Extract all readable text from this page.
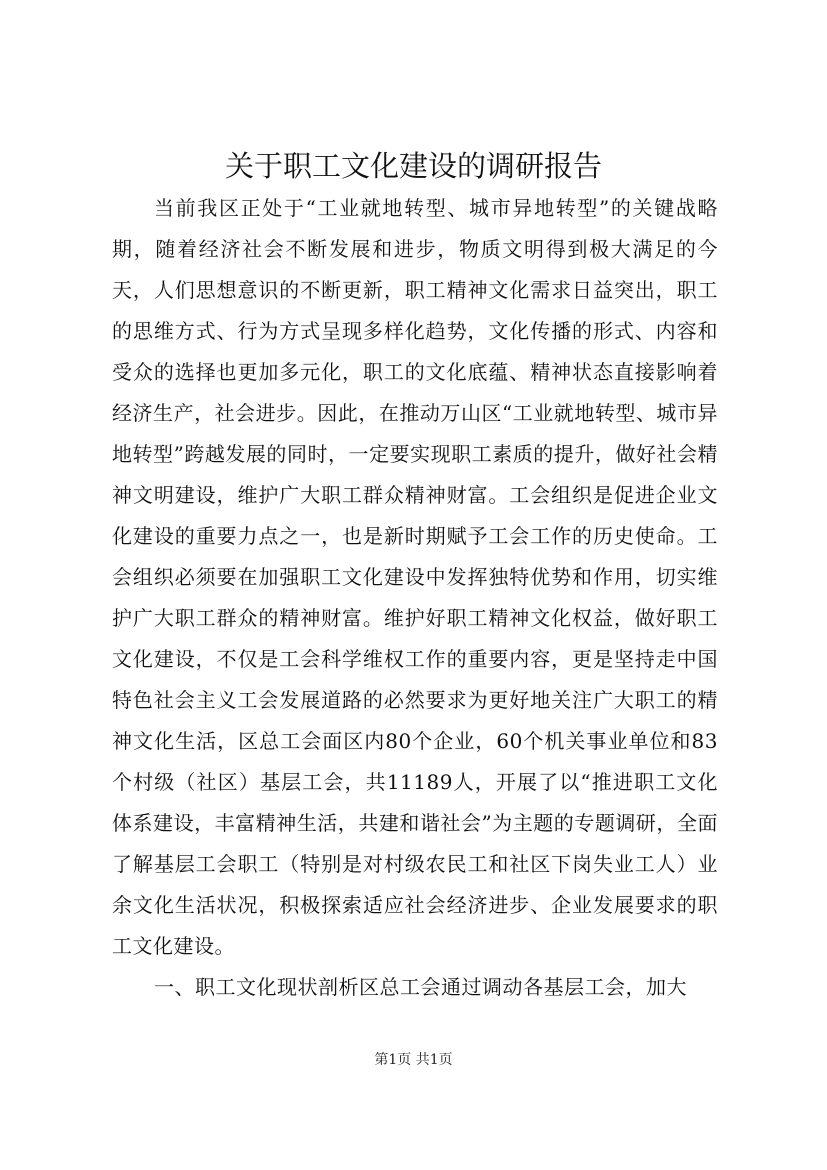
关于职工文化建设的调研报告

当前我区正处于“工业就地转型、城市异地转型”的关键战略期，随着经济社会不断发展和进步，物质文明得到极大满足的今天，人们思想意识的不断更新，职工精神文化需求日益突出，职工的思维方式、行为方式呈现多样化趋势，文化传播的形式、内容和受众的选择也更加多元化，职工的文化底蕴、精神状态直接影响着经济生产，社会进步。因此，在推动万山区“工业就地转型、城市异地转型”跨越发展的同时，一定要实现职工素质的提升，做好社会精神文明建设，维护广大职工群众精神财富。工会组织是促进企业文化建设的重要力点之一，也是新时期赋予工会工作的历史使命。工会组织必须要在加强职工文化建设中发挥独特优势和作用，切实维护广大职工群众的精神财富。维护好职工精神文化权益，做好职工文化建设，不仅是工会科学维权工作的重要内容，更是坚持走中国特色社会主义工会发展道路的必然要求为更好地关注广大职工的精神文化生活，区总工会面区内80个企业，60个机关事业单位和83个村级（社区）基层工会，共11189人，开展了以“推进职工文化体系建设，丰富精神生活，共建和谐社会”为主题的专题调研，全面了解基层工会职工（特别是对村级农民工和社区下岗失业工人）业余文化生活状况，积极探索适应社会经济进步、企业发展要求的职工文化建设。

一、职工文化现状剖析区总工会通过调动各基层工会，加大

第1页 共1页
